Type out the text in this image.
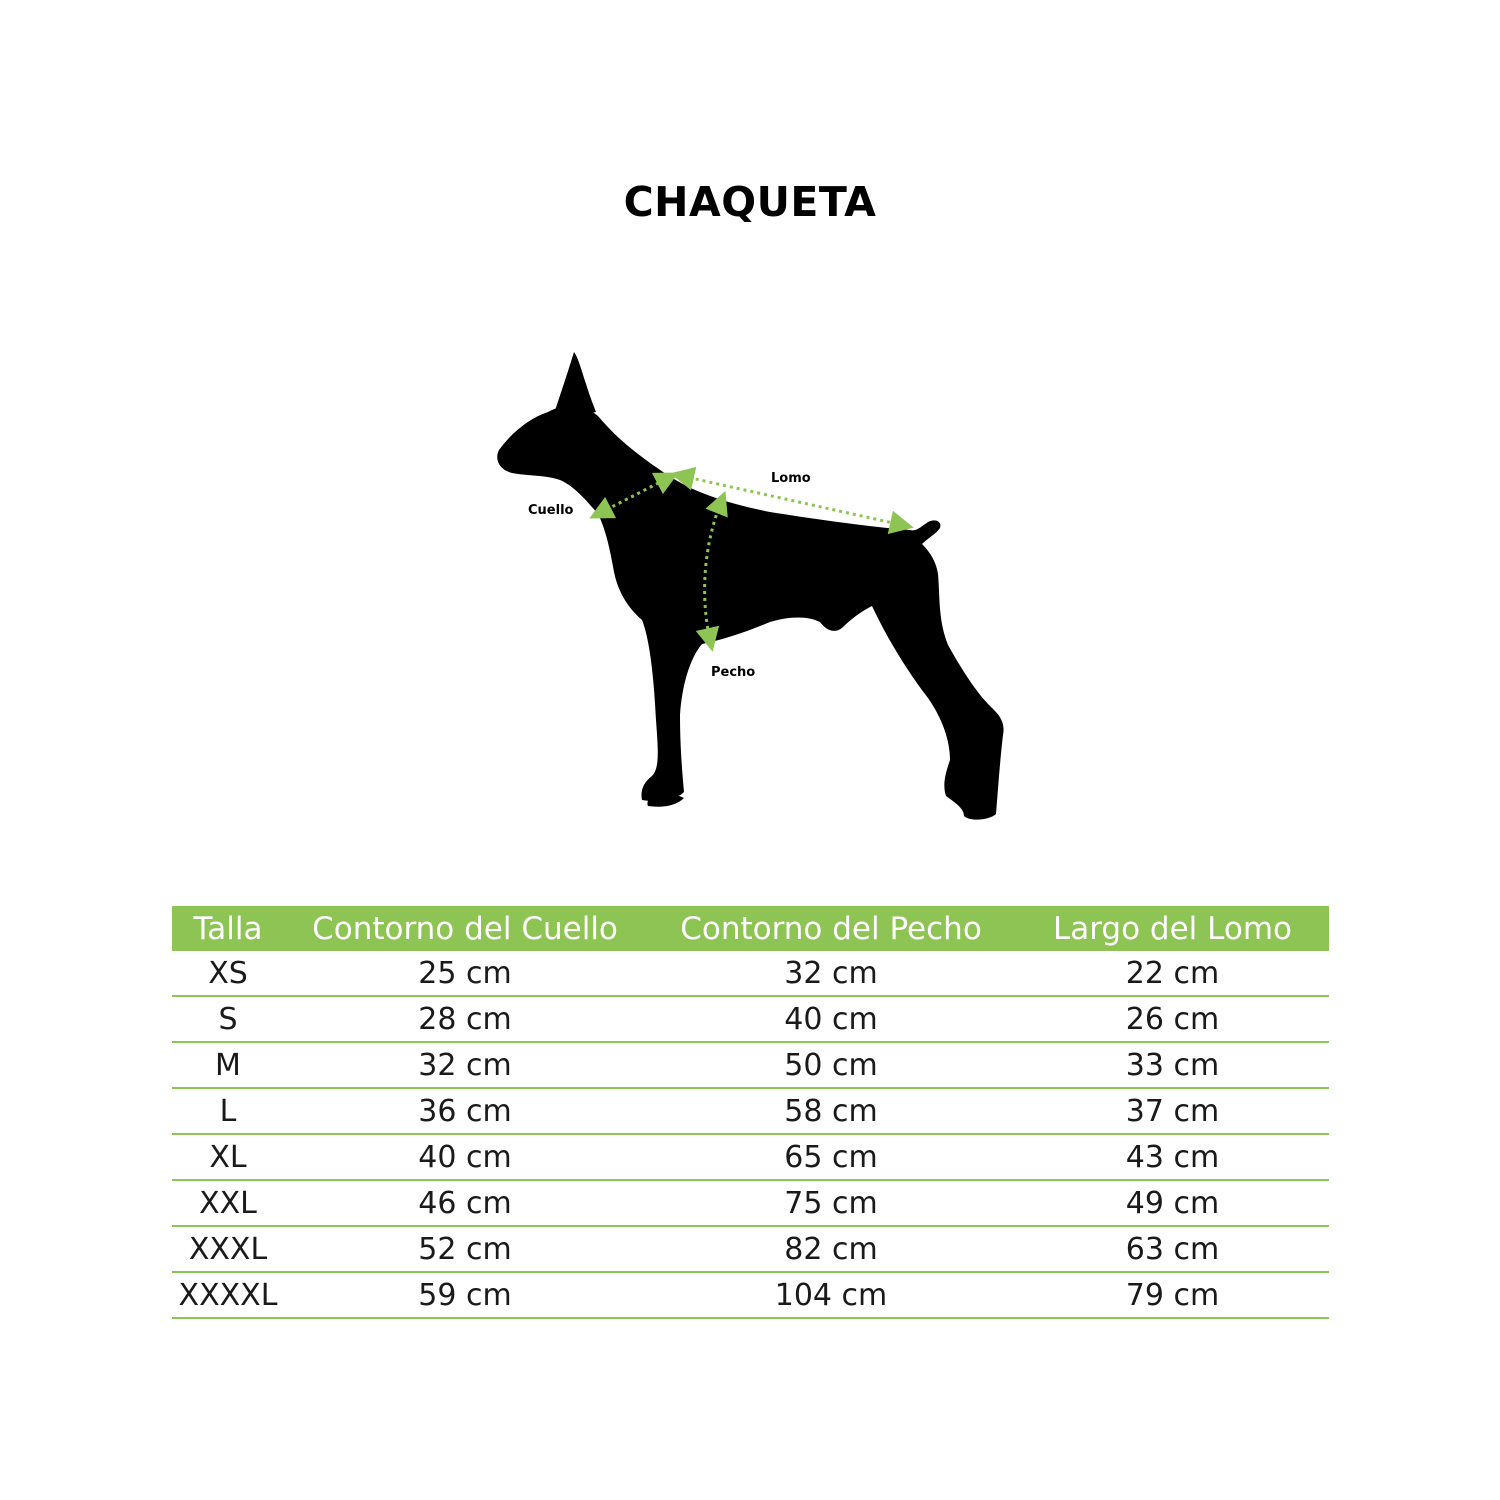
CHAQUETA
Lomo
Cuello
Pecho
Talla	Contorno del Cuello	Contorno del Pecho	Largo del Lomo
XS	25 cm	32 cm	22 cm
S	28 cm	40 cm	26 cm
M	32 cm	50 cm	33 cm
L	36 cm	58 cm	37 cm
XL	40 cm	65 cm	43 cm
XXL	46 cm	75 cm	49 cm
XXXL	52 cm	82 cm	63 cm
XXXXL	59 cm	104 cm	79 cm
